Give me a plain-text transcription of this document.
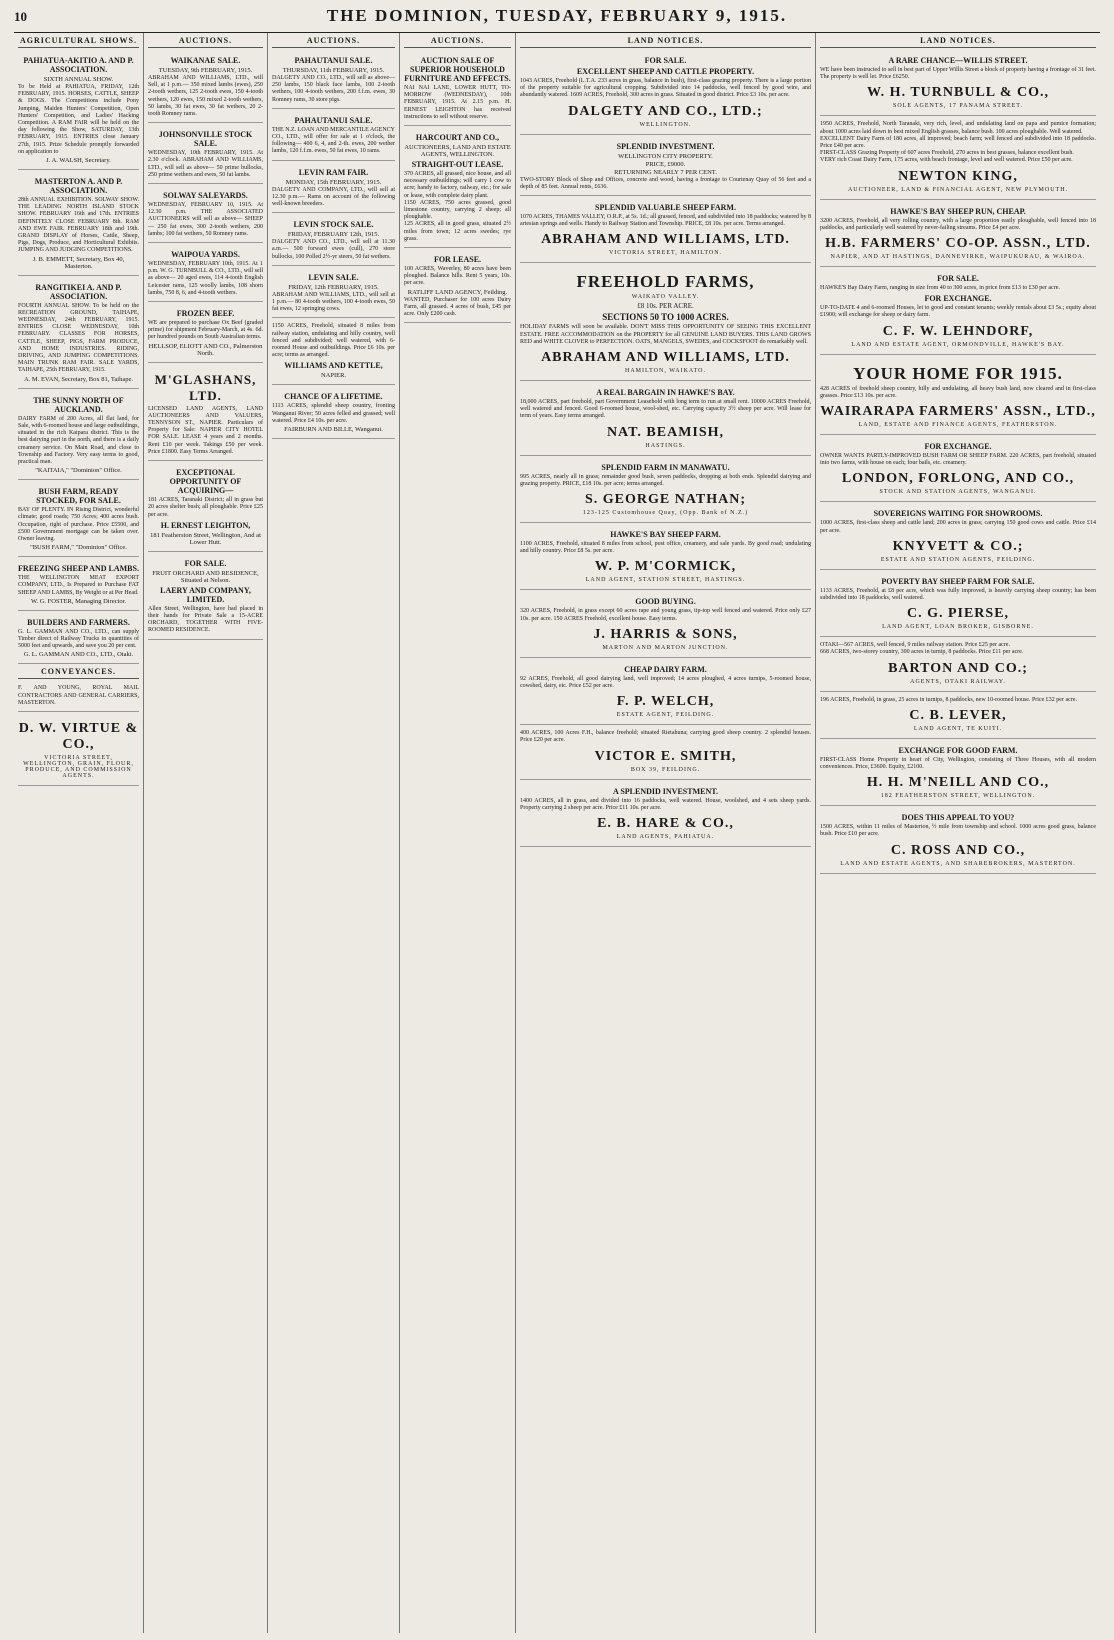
10	THE DOMINION, TUESDAY, FEBRUARY 9, 1915.
AGRICULTURAL SHOWS.
PAHIATUA-AKITIO A. AND P. ASSOCIATION.
SIXTH ANNUAL SHOW.
To be Held at PAHIATUA, FRIDAY, 12th FEBRUARY, 1915. HORSES, CATTLE, SHEEP & DOGS. The Competitions include Pony Jumping, Maiden Hunters' Competition, Open Hunters' Competition, and Ladies' Hacking Competition. A RAM FAIR will be held on the day following the Show, SATURDAY, 13th FEBRUARY, 1915. ENTRIES close January 27th, 1915. Prize Schedule promptly forwarded on application to
J. A. WALSH, Secretary.
MASTERTON A. AND P. ASSOCIATION.
28th ANNUAL EXHIBITION. SOLWAY SHOW. THE LEADING NORTH ISLAND STOCK SHOW. FEBRUARY 16th and 17th. ENTRIES DEFINITELY CLOSE FEBRUARY 8th. RAM AND EWE FAIR. FEBRUARY 18th and 19th. GRAND DISPLAY of Horses, Cattle, Sheep, Pigs, Dogs, Produce, and Horticultural Exhibits. JUMPING AND JUDGING COMPETITIONS.
J. B. EMMETT, Secretary, Box 40, Masterton.
RANGITIKEI A. AND P. ASSOCIATION.
FOURTH ANNUAL SHOW. To be held on the RECREATION GROUND, TAIHAPE, WEDNESDAY, 24th FEBRUARY, 1915. ENTRIES CLOSE WEDNESDAY, 10th FEBRUARY. CLASSES FOR HORSES, CATTLE, SHEEP, PIGS, FARM PRODUCE, AND HOME INDUSTRIES. RIDING, DRIVING, AND JUMPING COMPETITIONS. MAIN TRUNK RAM FAIR. SALE YARDS, TAIHAPE, 25th FEBRUARY, 1915.
A. M. EVAN, Secretary, Box 81, Taihape.
THE SUNNY NORTH OF AUCKLAND.
DAIRY FARM of 200 Acres, all flat land, for Sale, with 6-roomed house and large outbuildings, situated in the rich Kaipara district. This is the best dairying part in the north, and there is a daily creamery service. On Main Road, and close to Township and Factory. Very easy terms to good, practical man.
"KAITAIA," "Dominion" Office.
BUSH FARM, READY STOCKED, FOR SALE.
BAY OF PLENTY. IN Rising District, wonderful climate; good roads; 750 Acres; 400 acres bush. Occupation, right of purchase. Price £5500, and £500 Government mortgage can be taken over. Owner leaving.
"BUSH FARM," "Dominion" Office.
FREEZING SHEEP AND LAMBS.
THE WELLINGTON MEAT EXPORT COMPANY, LTD., Is Prepared to Purchase FAT SHEEP AND LAMBS, By Weight or at Per Head.
W. G. FOSTER, Managing Director.
BUILDERS AND FARMERS.
G. L. GAMMAN AND CO., LTD., can supply Timber direct of Railway Trucks in quantities of 5000 feet and upwards, and save you 20 per cent.
G. L. GAMMAN AND CO., LTD., Otaki.
CONVEYANCES.
F. AND YOUNG, ROYAL MAIL CONTRACTORS AND GENERAL CARRIERS, MASTERTON.
D. W. VIRTUE & CO.,
VICTORIA STREET, WELLINGTON, GRAIN, FLOUR, PRODUCE, AND COMMISSION AGENTS.
AUCTIONS.
WAIKANAE SALE.
TUESDAY, 9th FEBRUARY, 1915.
ABRAHAM AND WILLIAMS, LTD., will Sell, at 1 p.m.— 350 mixed lambs (ewes), 250 2-tooth wethers, 125 2-tooth ewes, 150 4-tooth wethers, 120 ewes, 150 mixed 2-tooth wethers, 50 lambs, 30 fat ewes, 30 fat wethers, 20 2-tooth Romney rams.
JOHNSONVILLE STOCK SALE.
WEDNESDAY, 10th FEBRUARY, 1915. At 2.30 o'clock. ABRAHAM AND WILLIAMS, LTD., will sell as above— 50 prime bullocks, 250 prime wethers and ewes, 50 fat lambs.
SOLWAY SALEYARDS.
WEDNESDAY, FEBRUARY 10, 1915. At 12.30 p.m. THE ASSOCIATED AUCTIONEERS will sell as above— SHEEP— 250 fat ewes, 300 2-tooth wethers, 200 lambs; 100 fat wethers, 50 Romney rams.
WAIPOUA YARDS.
WEDNESDAY, FEBRUARY 10th, 1915. At 1 p.m. W. G. TURNBULL & CO., LTD., will sell as above— 20 aged ewes, 114 4-tooth English Leicester rams, 125 woolly lambs, 108 shorn lambs, 750 8, 6, and 4-tooth wethers.
FROZEN BEEF.
WE are prepared to purchase Ox Beef (graded prime) for shipment February-March, at 4s. 6d. per hundred pounds on South Australian terms.
HELLSOP, ELIOTT AND CO., Palmerston North.
M'GLASHANS, LTD.
LICENSED LAND AGENTS, LAND AUCTIONEERS AND VALUERS, TENNYSON ST., NAPIER. Particulars of Property for Sale: NAPIER CITY HOTEL FOR SALE. LEASE 4 years and 2 months. Rent £10 per week. Takings £50 per week. Price £1800. Easy Terms Arranged.
EXCEPTIONAL OPPORTUNITY OF ACQUIRING—
181 ACRES, Taranaki District; all in grass but 20 acres shelter bush; all ploughable. Price £25 per acre.
H. ERNEST LEIGHTON,
181 Featherston Street, Wellington, And at Lower Hutt.
FOR SALE.
FRUIT ORCHARD AND RESIDENCE, Situated at Nelson.
LAERY AND COMPANY, LIMITED.
Allen Street, Wellington, have had placed in their hands for Private Sale a 15-ACRE ORCHARD, TOGETHER WITH FIVE-ROOMED RESIDENCE.
AUCTIONS.
PAHAUTANUI SALE.
THURSDAY, 11th FEBRUARY, 1915.
DALGETY AND CO., LTD., will sell as above— 250 lambs, 150 black face lambs, 100 2-tooth wethers, 100 4-tooth wethers, 200 f.f.m. ewes, 30 Romney rams, 30 store pigs.
PAHAUTANUI SALE.
THE N.Z. LOAN AND MERCANTILE AGENCY CO., LTD., will offer for sale at 1 o'clock, the following— 400 6, 4, and 2-th. ewes, 200 wether lambs, 120 f.f.m. ewes, 50 fat ewes, 10 rams.
LEVIN RAM FAIR.
MONDAY, 15th FEBRUARY, 1915.
DALGETY AND COMPANY, LTD., will sell at 12.30 p.m.— Rams on account of the following well-known breeders.
LEVIN STOCK SALE.
FRIDAY, FEBRUARY 12th, 1915.
DALGETY AND CO., LTD., will sell at 11.30 a.m.— 500 forward ewes (cull), 270 store bullocks, 100 Polled 2½-yr steers, 50 fat wethers.
LEVIN SALE.
FRIDAY, 12th FEBRUARY, 1915.
ABRAHAM AND WILLIAMS, LTD., will sell at 1 p.m.— 80 4-tooth wethers, 100 4-tooth ewes, 50 fat ewes, 12 springing cows.
1150 ACRES, Freehold, situated 8 miles from railway station, undulating and hilly country, well fenced and subdivided; well watered, with 6-roomed House and outbuildings. Price £6 10s. per acre; terms as arranged.
WILLIAMS AND KETTLE,
NAPIER.
CHANCE OF A LIFETIME.
1113 ACRES, splendid sheep country, fronting Wanganui River; 50 acres felled and grassed; well watered. Price £4 10s. per acre.
FAIRBURN AND BILLE, Wanganui.
AUCTIONS.
AUCTION SALE OF SUPERIOR HOUSEHOLD FURNITURE AND EFFECTS.
NAI NAI LANE, LOWER HUTT, TO-MORROW (WEDNESDAY), 10th FEBRUARY, 1915. At 2.15 p.m. H. ERNEST LEIGHTON has received instructions to sell without reserve.
HARCOURT AND CO.,
AUCTIONEERS, LAND AND ESTATE AGENTS, WELLINGTON.
STRAIGHT-OUT LEASE.
370 ACRES, all grassed, nice house, and all necessary outbuildings; will carry 1 cow to acre; handy to factory, railway, etc.; for sale or lease, with complete dairy plant.
1150 ACRES, 750 acres grassed, good limestone country, carrying 2 sheep; all ploughable.
125 ACRES, all in good grass, situated 2½ miles from town; 12 acres swedes; rye grass.
FOR LEASE.
100 ACRES, Waverley, 80 acres have been ploughed. Balance hills. Rent 5 years, 10s. per acre.
RATLIFF LAND AGENCY, Feilding.
WANTED, Purchaser for 100 acres Dairy Farm, all grassed. 4 acres of bush, £45 per acre. Only £200 cash.
LAND NOTICES.
FOR SALE.
EXCELLENT SHEEP AND CATTLE PROPERTY.
1043 ACRES, Freehold (L.T.A. 233 acres in grass, balance in bush), first-class grazing property. There is a large portion of the property suitable for agricultural cropping. Subdivided into 14 paddocks, well fenced by good wire, and abundantly watered. 1609 ACRES, Freehold, 300 acres in grass. Situated in good district. Price £3 10s. per acre.
DALGETY AND CO., LTD.;
WELLINGTON.
SPLENDID INVESTMENT.
WELLINGTON CITY PROPERTY.
PRICE, £9000.
RETURNING NEARLY 7 PER CENT.
TWO-STORY Block of Shop and Offices, concrete and wood, having a frontage to Courtenay Quay of 56 feet and a depth of 85 feet. Annual rents, £636.
SPLENDID VALUABLE SHEEP FARM.
1070 ACRES, THAMES VALLEY, O.R.P., at 5s. 1d.; all grassed, fenced, and subdivided into 18 paddocks; watered by 8 artesian springs and wells. Handy to Railway Station and Township. PRICE, £8 10s. per acre. Terms arranged.
ABRAHAM AND WILLIAMS, LTD.
VICTORIA STREET, HAMILTON.
FREEHOLD FARMS,
WAIKATO VALLEY.
£8 10s. PER ACRE.
SECTIONS 50 TO 1000 ACRES.
HOLIDAY FARMS will soon be available. DON'T MISS THIS OPPORTUNITY OF SEEING THIS EXCELLENT ESTATE. FREE ACCOMMODATION on the PROPERTY for all GENUINE LAND BUYERS. THIS LAND GROWS RED and WHITE CLOVER to PERFECTION. OATS, MANGELS, SWEDES, and COCKSFOOT do remarkably well.
ABRAHAM AND WILLIAMS, LTD.
HAMILTON, WAIKATO.
A REAL BARGAIN IN HAWKE'S BAY.
18,000 ACRES, part freehold, part Government Leasehold with long term to run at small rent. 10000 ACRES Freehold, well watered and fenced. Good 6-roomed house, wool-shed, etc. Carrying capacity 3½ sheep per acre. Will lease for term of years. Easy terms arranged.
NAT. BEAMISH,
HASTINGS.
SPLENDID FARM IN MANAWATU.
995 ACRES, nearly all in grass; remainder good bush, seven paddocks, dropping at both ends. Splendid dairying and grazing property. PRICE, £18 10s. per acre; terms arranged.
S. GEORGE NATHAN;
123-125 Customhouse Quay, (Opp. Bank of N.Z.)
HAWKE'S BAY SHEEP FARM.
1100 ACRES, Freehold, situated 8 miles from school, post office, creamery, and sale yards. By good road; undulating and hilly country. Price £8 5s. per acre.
W. P. M'CORMICK,
LAND AGENT, STATION STREET, HASTINGS.
GOOD BUYING.
320 ACRES, Freehold, in grass except 60 acres rape and young grass, tip-top well fenced and watered. Price only £27 10s. per acre. 150 ACRES Freehold, excellent house. Easy terms.
J. HARRIS & SONS,
MARTON AND MARTON JUNCTION.
CHEAP DAIRY FARM.
92 ACRES, Freehold, all good dairying land, well improved; 14 acres ploughed, 4 acres turnips, 5-roomed house, cowshed, dairy, etc. Price £52 per acre.
F. P. WELCH,
ESTATE AGENT, FEILDING.
400 ACRES, 100 Acres F.H., balance freehold; situated Rietahuna; carrying good sheep country. 2 splendid houses. Price £20 per acre.
VICTOR E. SMITH,
BOX 39, FEILDING.
A SPLENDID INVESTMENT.
1400 ACRES, all in grass, and divided into 16 paddocks, well watered. House, woolshed, and 4 sets sheep yards. Property carrying 2 sheep per acre. Price £11 10s. per acre.
E. B. HARE & CO.,
LAND AGENTS, PAHIATUA.
LAND NOTICES.
A RARE CHANCE—WILLIS STREET.
WE have been instructed to sell in best part of Upper Willis Street a block of property having a frontage of 31 feet. The property is well let. Price £6250.
W. H. TURNBULL & CO.,
SOLE AGENTS, 17 PANAMA STREET.
1950 ACRES, Freehold, North Taranaki, very rich, level, and undulating land on papa and pumice formation; about 1000 acres laid down in best mixed English grasses, balance bush. 100 acres ploughable. Well watered.
EXCELLENT Dairy Farm of 180 acres, all improved; beach farm; well fenced and subdivided into 18 paddocks. Price £40 per acre.
FIRST-CLASS Grazing Property of 607 acres Freehold, 270 acres in best grasses, balance excellent bush.
VERY rich Coast Dairy Farm, 175 acres, with beach frontage, level and well watered. Price £50 per acre.
NEWTON KING,
AUCTIONEER, LAND & FINANCIAL AGENT, NEW PLYMOUTH.
HAWKE'S BAY SHEEP RUN, CHEAP.
3200 ACRES, Freehold, all very rolling country, with a large proportion easily ploughable, well fenced into 18 paddocks, and particularly well watered by never-failing streams. Price £4 per acre.
H.B. FARMERS' CO-OP. ASSN., LTD.
NAPIER, AND AT HASTINGS, DANNEVIRKE, WAIPUKURAU, & WAIROA.
FOR SALE.
HAWKE'S Bay Dairy Farm, ranging in size from 40 to 300 acres, in price from £13 to £30 per acre.
FOR EXCHANGE.
UP-TO-DATE 4 and 6-roomed Houses, let to good and constant tenants; weekly rentals about £3 5s.; equity about £1900; will exchange for sheep or dairy farm.
C. F. W. LEHNDORF,
LAND AND ESTATE AGENT, ORMONDVILLE, HAWKE'S BAY.
YOUR HOME FOR 1915.
428 ACRES of freehold sheep country, hilly and undulating, all heavy bush land, now cleared and in first-class grasses. Price £13 10s. per acre.
WAIRARAPA FARMERS' ASSN., LTD.,
LAND, ESTATE AND FINANCE AGENTS, FEATHERSTON.
FOR EXCHANGE.
OWNER WANTS PARTLY-IMPROVED BUSH FARM OR SHEEP FARM. 220 ACRES, part freehold, situated into two farms, with house on each; four bails, etc. creamery.
LONDON, FORLONG, AND CO.,
STOCK AND STATION AGENTS, WANGANUI.
SOVEREIGNS WAITING FOR SHOWROOMS.
1000 ACRES, first-class sheep and cattle land; 200 acres in grass; carrying 150 good cows and cattle. Price £14 per acre.
KNYVETT & CO.;
ESTATE AND STATION AGENTS, FEILDING.
POVERTY BAY SHEEP FARM FOR SALE.
1133 ACRES, Freehold, at £8 per acre, which was fully improved, is heavily carrying sheep country; has been subdivided into 18 paddocks, well watered.
C. G. PIERSE,
LAND AGENT, LOAN BROKER, GISBORNE.
OTAKI—567 ACRES, well fenced, 9 miles railway station. Price £25 per acre.
668 ACRES, two-storey country, 300 acres in turnip, 8 paddocks. Price £11 per acre.
BARTON AND CO.;
AGENTS, OTAKI RAILWAY.
196 ACRES, Freehold, in grass, 25 acres in turnips, 8 paddocks, new 10-roomed house. Price £32 per acre.
C. B. LEVER,
LAND AGENT, TE KUITI.
EXCHANGE FOR GOOD FARM.
FIRST-CLASS Home Property in heart of City, Wellington, consisting of Three Houses, with all modern conveniences. Price, £3600. Equity, £2100.
H. H. M'NEILL AND CO.,
182 FEATHERSTON STREET, WELLINGTON.
DOES THIS APPEAL TO YOU?
1500 ACRES, within 11 miles of Masterton, ½ mile from township and school. 1000 acres good grass, balance bush. Price £10 per acre.
C. ROSS AND CO.,
LAND AND ESTATE AGENTS, AND SHAREBROKERS, MASTERTON.
